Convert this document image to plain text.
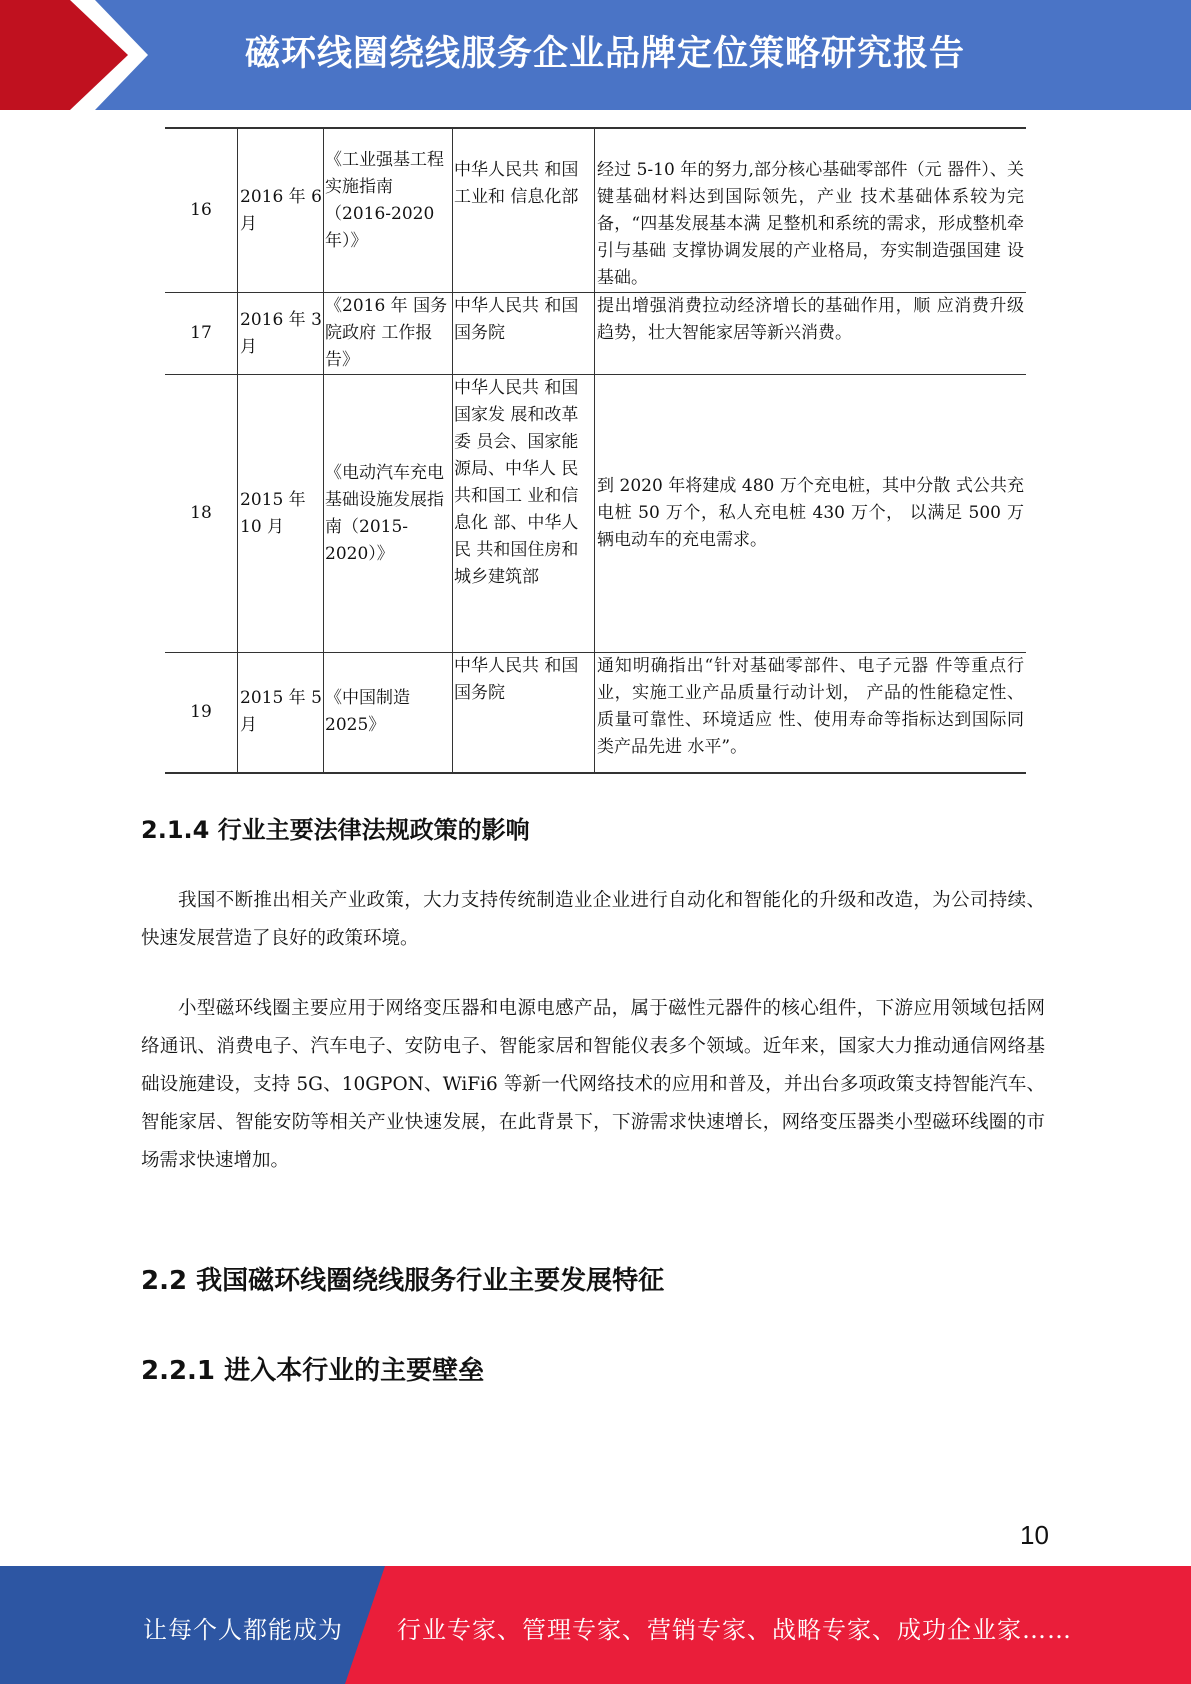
磁环线圈绕线服务企业品牌定位策略研究报告
16	2016 年 6 月	《工业强基工程实施指南（2016-2020 年）》	中华人民共 和国工业和 信息化部	经过 5-10 年的努力,部分核心基础零部件（元 器件）、关键基础材料达到国际领先，产业 技术基础体系较为完备，“四基发展基本满 足整机和系统的需求，形成整机牵引与基础 支撑协调发展的产业格局，夯实制造强国建 设基础。
17	2016 年 3 月	《2016 年 国务院政府 工作报告》	中华人民共 和国国务院	提出增强消费拉动经济增长的基础作用，顺 应消费升级趋势，壮大智能家居等新兴消费。
18	2015 年 10 月	《电动汽车充电基础设施发展指南（2015-2020）》	中华人民共 和国国家发 展和改革委 员会、国家能 源局、中华人 民共和国工 业和信息化 部、中华人民 共和国住房和城乡建筑部	到 2020 年将建成 480 万个充电桩，其中分散 式公共充电桩 50 万个，私人充电桩 430 万个， 以满足 500 万辆电动车的充电需求。
19	2015 年 5 月	《中国制造 2025》	中华人民共 和国国务院	通知明确指出“针对基础零部件、电子元器 件等重点行业，实施工业产品质量行动计划， 产品的性能稳定性、质量可靠性、环境适应 性、使用寿命等指标达到国际同类产品先进 水平”。
2.1.4 行业主要法律法规政策的影响

我国不断推出相关产业政策，大力支持传统制造业企业进行自动化和智能化的升级和改造，为公司持续、快速发展营造了良好的政策环境。

小型磁环线圈主要应用于网络变压器和电源电感产品，属于磁性元器件的核心组件，下游应用领域包括网络通讯、消费电子、汽车电子、安防电子、智能家居和智能仪表多个领域。近年来，国家大力推动通信网络基础设施建设，支持 5G、10GPON、WiFi6 等新一代网络技术的应用和普及，并出台多项政策支持智能汽车、智能家居、智能安防等相关产业快速发展，在此背景下，下游需求快速增长，网络变压器类小型磁环线圈的市场需求快速增加。

2.2 我国磁环线圈绕线服务行业主要发展特征
2.2.1 进入本行业的主要壁垒
10
让每个人都能成为 行业专家、管理专家、营销专家、战略专家、成功企业家……
